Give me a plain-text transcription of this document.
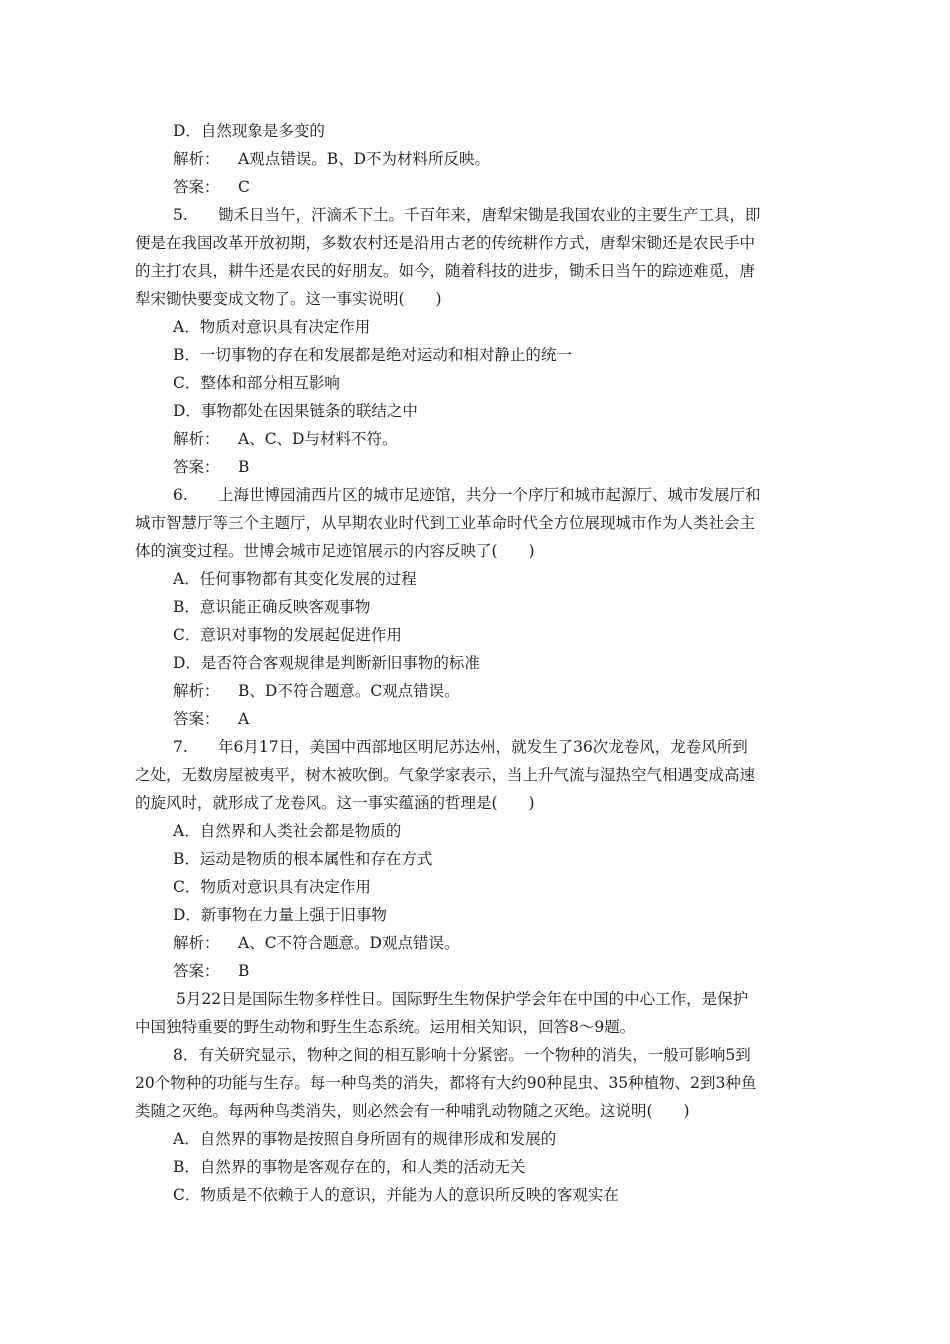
D．自然现象是多变的
解析： A观点错误。B、D不为材料所反映。
答案： C
5. 锄禾日当午，汗滴禾下土。千百年来，唐犁宋锄是我国农业的主要生产工具，即
便是在我国改革开放初期，多数农村还是沿用古老的传统耕作方式，唐犁宋锄还是农民手中
的主打农具，耕牛还是农民的好朋友。如今，随着科技的进步，锄禾日当午的踪迹难觅，唐
犁宋锄快要变成文物了。这一事实说明(　　)
A．物质对意识具有决定作用
B．一切事物的存在和发展都是绝对运动和相对静止的统一
C．整体和部分相互影响
D．事物都处在因果链条的联结之中
解析： A、C、D与材料不符。
答案： B
6. 上海世博园浦西片区的城市足迹馆，共分一个序厅和城市起源厅、城市发展厅和
城市智慧厅等三个主题厅，从早期农业时代到工业革命时代全方位展现城市作为人类社会主
体的演变过程。世博会城市足迹馆展示的内容反映了(　　)
A．任何事物都有其变化发展的过程
B．意识能正确反映客观事物
C．意识对事物的发展起促进作用
D．是否符合客观规律是判断新旧事物的标准
解析： B、D不符合题意。C观点错误。
答案： A
7. 年6月17日，美国中西部地区明尼苏达州，就发生了36次龙卷风，龙卷风所到
之处，无数房屋被夷平，树木被吹倒。气象学家表示，当上升气流与湿热空气相遇变成高速
的旋风时，就形成了龙卷风。这一事实蕴涵的哲理是(　　)
A．自然界和人类社会都是物质的
B．运动是物质的根本属性和存在方式
C．物质对意识具有决定作用
D．新事物在力量上强于旧事物
解析： A、C不符合题意。D观点错误。
答案： B
5月22日是国际生物多样性日。国际野生生物保护学会年在中国的中心工作，是保护
中国独特重要的野生动物和野生生态系统。运用相关知识，回答8～9题。
8．有关研究显示，物种之间的相互影响十分紧密。一个物种的消失，一般可影响5到
20个物种的功能与生存。每一种鸟类的消失，都将有大约90种昆虫、35种植物、2到3种鱼
类随之灭绝。每两种鸟类消失，则必然会有一种哺乳动物随之灭绝。这说明(　　)
A．自然界的事物是按照自身所固有的规律形成和发展的
B．自然界的事物是客观存在的，和人类的活动无关
C．物质是不依赖于人的意识，并能为人的意识所反映的客观实在
